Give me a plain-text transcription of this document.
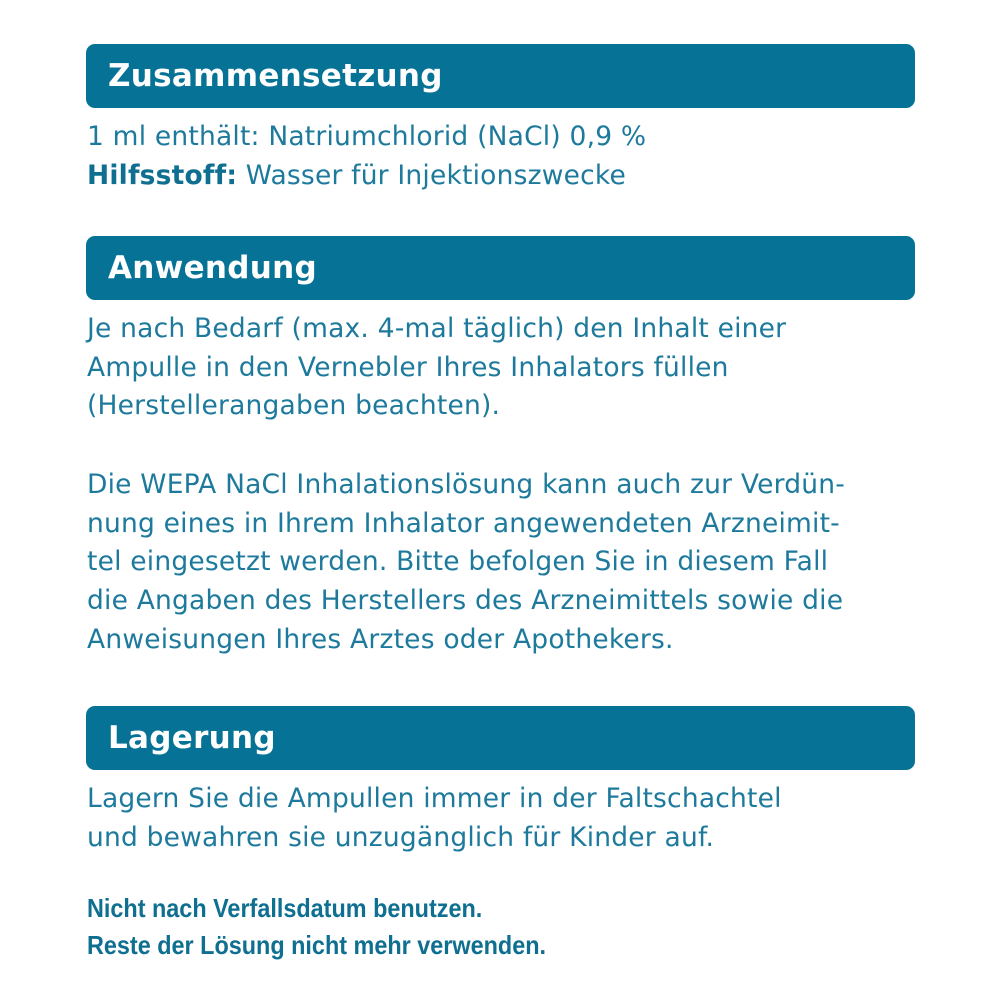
Zusammensetzung
1 ml enthält: Natriumchlorid (NaCl) 0,9 %
Hilfsstoff: Wasser für Injektionszwecke
Anwendung
Je nach Bedarf (max. 4-mal täglich) den Inhalt einer
Ampulle in den Vernebler Ihres Inhalators füllen
(Herstellerangaben beachten).
Die WEPA NaCl Inhalationslösung kann auch zur Verdün-
nung eines in Ihrem Inhalator angewendeten Arzneimit-
tel eingesetzt werden. Bitte befolgen Sie in diesem Fall
die Angaben des Herstellers des Arzneimittels sowie die
Anweisungen Ihres Arztes oder Apothekers.
Lagerung
Lagern Sie die Ampullen immer in der Faltschachtel
und bewahren sie unzugänglich für Kinder auf.
Nicht nach Verfallsdatum benutzen.
Reste der Lösung nicht mehr verwenden.
